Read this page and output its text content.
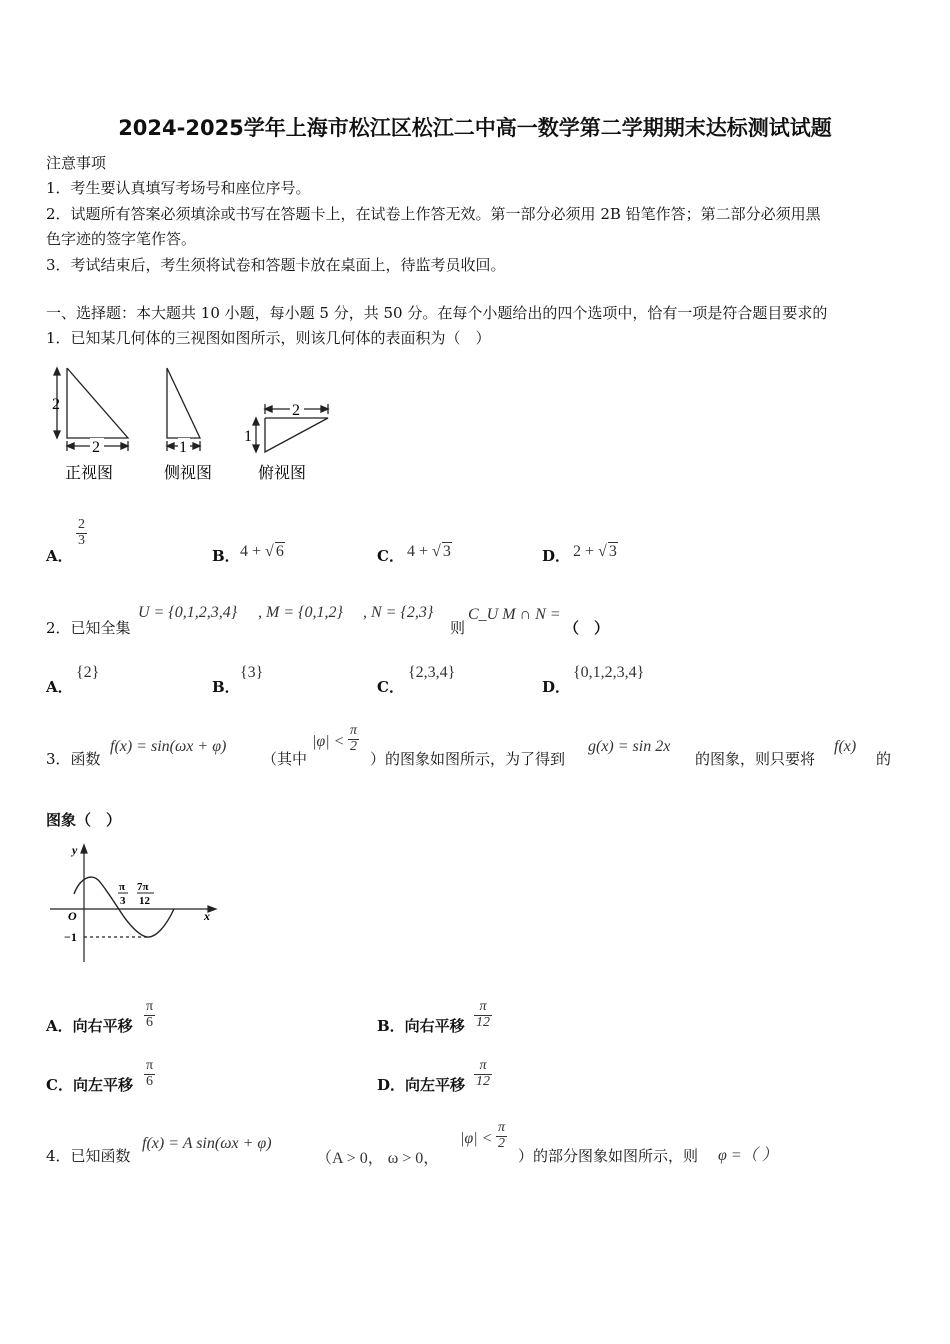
2024-2025学年上海市松江区松江二中高一数学第二学期期末达标测试试题
注意事项
1．考生要认真填写考场号和座位序号。
2．试题所有答案必须填涂或书写在答题卡上，在试卷上作答无效。第一部分必须用 2B 铅笔作答；第二部分必须用黑
色字迹的签字笔作答。
3．考试结束后，考生须将试卷和答题卡放在桌面上，待监考员收回。
一、选择题：本大题共 10 小题，每小题 5 分，共 50 分。在每个小题给出的四个选项中，恰有一项是符合题目要求的
1．已知某几何体的三视图如图所示，则该几何体的表面积为（　）
2
2
正视图
1
侧视图
2
1
俯视图
A．
$\frac{2}{3}$
B． 4 + √ 6	C． 4 + √ 3	D． 2 + √ 3
2．已知全集
U = {0,1,2,3,4} , M = {0,1,2} , N = {2,3}
则
C_U M ∩ N =
（　）
A．
{2}
B．
{3}
C．
{2,3,4}
D．
{0,1,2,3,4}
3．函数
f(x) = sin(ωx + φ)
（其中
$|\varphi| < \frac{\pi}{2}$
）的图象如图所示，为了得到
g(x) = sin 2x
的图象，则只要将
f(x)
的
图象（　）
y
x
O
−1
π
3
7π
12
A．向右平移 $\frac{\pi}{6}$	B．向右平移 $\frac{\pi}{12}$
C．向左平移 $\frac{\pi}{6}$	D．向左平移 $\frac{\pi}{12}$
4．已知函数
f(x) = A sin(ωx + φ)
（A > 0， ω > 0，
$|\varphi| < \frac{\pi}{2}$
）的部分图象如图所示，则 φ =（ ）
